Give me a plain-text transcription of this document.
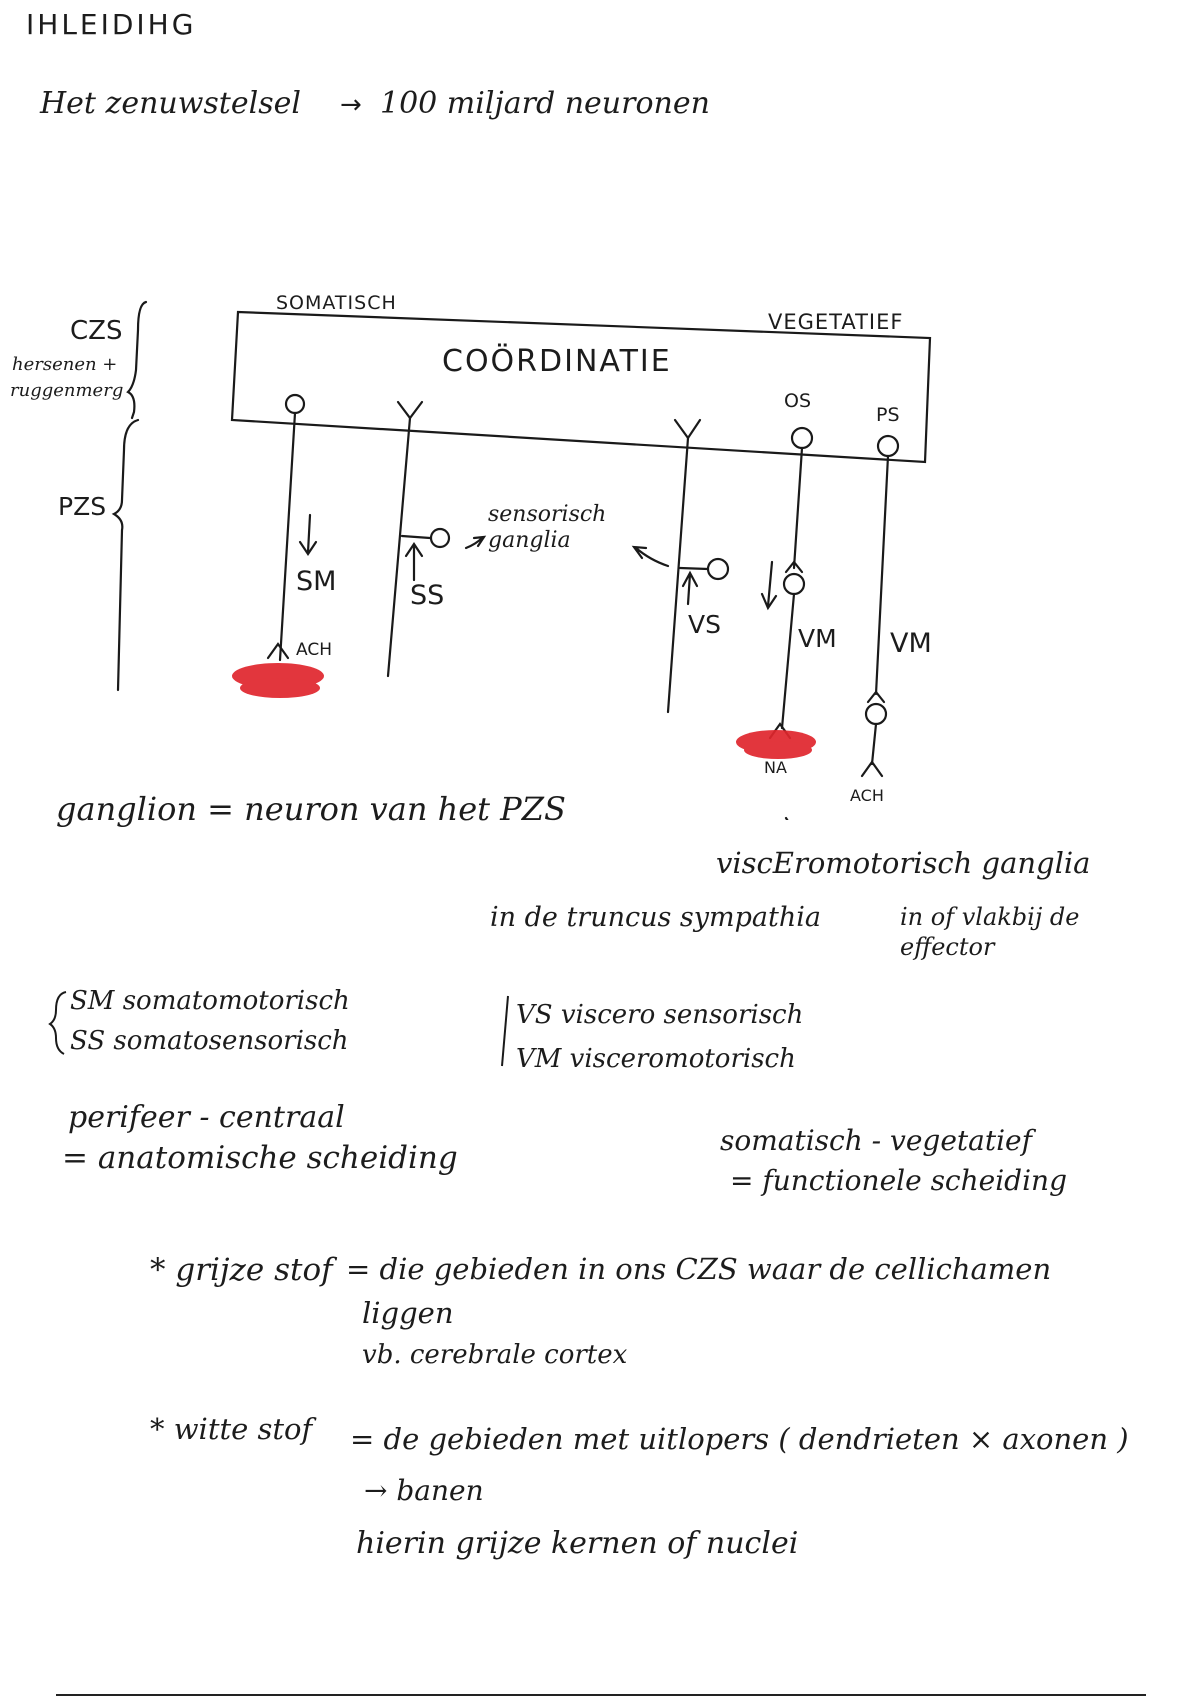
IHLEIDIHG
Het zenuwstelsel → 100 miljard neuronen
SOMATISCH
VEGETATIEF
COÖRDINATIE
CZS
hersenen +
ruggenmerg
PZS
OS
PS
SM	SS
VS	VM VM
ACH
NA
ACH
sensorisch ganglia
ganglion = neuron van het PZS
viscEromotorisch ganglia
in de truncus sympathia	in of vlakbij de effector
SM somatomotorisch
SS somatosensorisch
VS viscero sensorisch
VM visceromotorisch
perifeer - centraal
= anatomische scheiding	somatisch - vegetatief
= functionele scheiding
* grijze stof = die gebieden in ons CZS waar de cellichamen
liggen
vb. cerebrale cortex
* witte stof = de gebieden met uitlopers ( dendrieten × axonen )
→ banen
hierin grijze kernen of nuclei
